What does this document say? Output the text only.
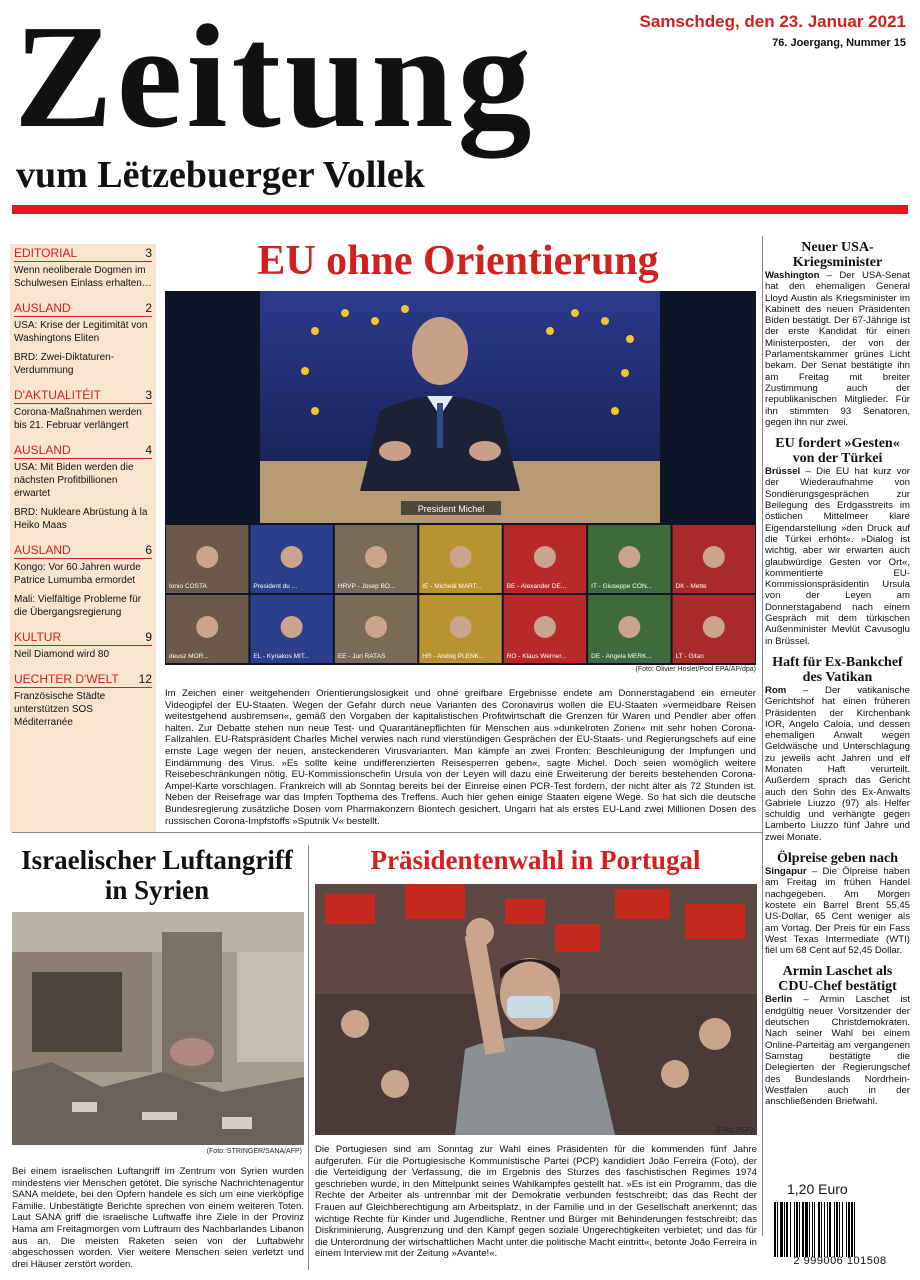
Zeitung
vum Lëtzebuerger Vollek
Samschdeg, den 23. Januar 2021
76. Joergang, Nummer 15
EDITORIAL	3
Wenn neoliberale Dogmen im Schulwesen Einlass erhalten…
AUSLAND	2
USA: Krise der Legitimität von Washingtons Eliten
BRD: Zwei-Diktaturen-Verdummung
D'AKTUALITÉIT	3
Corona-Maßnahmen werden bis 21. Februar verlängert
AUSLAND	4
USA: Mit Biden werden die nächsten Profitbillionen erwartet
BRD: Nukleare Abrüstung à la Heiko Maas
AUSLAND	6
Kongo: Vor 60 Jahren wurde Patrice Lumumba ermordet
Mali: Vielfältige Probleme für die Übergangsregierung
KULTUR	9
Neil Diamond wird 80
UECHTER D'WELT 12
Französische Städte unterstützen SOS Méditerranée
EU ohne Orientierung
President Michel
Ionio COSTA	President du ...	HRVP - Josep BO...	IE - Micheál MART...	BE - Alexander DE...	IT - Giuseppe CON...	DK - Mette
deusz MOR...	EL - Kyriakos MIT...	EE - Juri RATAS	HR - Andrej PLENK...	RO - Klaus Werner...	DE - Angela MERK...	LT - Gitan
(Foto: Olivier Hoslet/Pool EPA/AP/dpa)
Im Zeichen einer weitgehenden Orientierungslosigkeit und ohne greifbare Ergebnisse endete am Donnerstagabend ein erneuter Videogipfel der EU-Staaten. Wegen der Gefahr durch neue Varianten des Coronavirus wollen die EU-Staaten »vermeidbare Reisen weitestgehend ausbremsen«, gemäß den Vorgaben der kapitalistischen Profitwirtschaft die Grenzen für Waren und Pendler aber offen halten. Zur Debatte stehen nun neue Test- und Quarantänepflichten für Menschen aus »dunkelroten Zonen« mit sehr hohen Corona-Fallzahlen. EU-Ratspräsident Charles Michel verwies nach rund vierstündigen Gesprächen der EU-Staats- und Regierungschefs auf eine ernste Lage wegen der neuen, ansteckenderen Virusvarianten. Man kämpfe an zwei Fronten: Beschleunigung der Impfungen und Eindämmung des Virus. »Es sollte keine undifferenzierten Reisesperren geben«, sagte Michel. Doch seien womöglich weitere Reisebeschränkungen nötig. EU-Kommissionschefin Ursula von der Leyen will dazu eine Erweiterung der bereits bestehenden Corona-Ampel-Karte vorschlagen. Frankreich will ab Sonntag bereits bei der Einreise einen PCR-Test fordern, der nicht älter als 72 Stunden ist. Neben der Reisefrage war das Impfen Topthema des Treffens. Auch hier gehen einige Staaten eigene Wege. So hat sich die deutsche Bundesregierung zusätzliche Dosen vom Pharmakonzern Biontech gesichert. Ungarn hat als erstes EU-Land zwei Millionen Dosen des russischen Corona-Impfstoffs »Sputnik V« bestellt.
Neuer USA-Kriegsminister
Washington – Der USA-Senat hat den ehemaligen General Lloyd Austin als Kriegsminister im Kabinett des neuen Präsidenten Biden bestätigt. Der 67-Jährige ist der erste Kandidat für einen Ministerposten, der von der Parlamentskammer grünes Licht bekam. Der Senat bestätigte ihn am Freitag mit breiter Zustimmung auch der republikanischen Mitglieder. Für ihn stimmten 93 Senatoren, gegen ihn nur zwei.
EU fordert »Gesten« von der Türkei
Brüssel – Die EU hat kurz vor der Wiederaufnahme von Sondierungsgesprächen zur Beilegung des Erdgasstreits im östlichen Mittelmeer klare Eigendarstellung »den Druck auf die Türkei erhöht«. »Dialog ist wichtig, aber wir erwarten auch glaubwürdige Gesten vor Ort«, kommentierte EU-Kommissionspräsidentin Ursula von der Leyen am Donnerstagabend nach einem Gespräch mit dem türkischen Außenminister Mevlüt Cavusoglu in Brüssel.
Haft für Ex-Bankchef des Vatikan
Rom – Der vatikanische Gerichtshof hat einen früheren Präsidenten der Kirchenbank IOR, Angelo Caloia, und dessen ehemaligen Anwalt wegen Geldwäsche und Unterschlagung zu jeweils acht Jahren und elf Monaten Haft verurteilt. Außerdem sprach das Gericht auch den Sohn des Ex-Anwalts Gabriele Liuzzo (97) als Helfer schuldig und verhängte gegen Lamberto Liuzzo fünf Jahre und zwei Monate.
Ölpreise geben nach
Singapur – Die Ölpreise haben am Freitag im frühen Handel nachgegeben. Am Morgen kostete ein Barrel Brent 55,45 US-Dollar, 65 Cent weniger als am Vortag. Der Preis für ein Fass West Texas Intermediate (WTI) fiel um 68 Cent auf 52,45 Dollar.
Armin Laschet als CDU-Chef bestätigt
Berlin – Armin Laschet ist endgültig neuer Vorsitzender der deutschen Christdemokraten. Nach seiner Wahl bei einem Online-Parteitag am vergangenen Samstag bestätigte die Delegierten der Regierungschef des Bundeslands Nordrhein-Westfalen auch in der anschließenden Briefwahl.
Israelischer Luftangriff in Syrien
(Foto: STRINGER/SANA/AFP)
Bei einem israelischen Luftangriff im Zentrum von Syrien wurden mindestens vier Menschen getötet. Die syrische Nachrichtenagentur SANA meldete, bei den Opfern handele es sich um eine vierköpfige Familie. Unbestätigte Berichte sprechen von einem weiteren Toten. Laut SANA griff die israelische Luftwaffe ihre Ziele in der Provinz Hama am Freitagmorgen vom Luftraum des Nachbarlandes Libanon aus an. Die meisten Raketen seien von der Luftabwehr abgeschossen worden. Vier weitere Menschen seien verletzt und drei Häuser zerstört worden.
Präsidentenwahl in Portugal
(Foto: PCP)
Die Portugiesen sind am Sonntag zur Wahl eines Präsidenten für die kommenden fünf Jahre aufgerufen. Für die Portugiesische Kommunistische Partei (PCP) kandidiert João Ferreira (Foto), der die Verteidigung der Verfassung, die im Ergebnis des Sturzes des faschistischen Regimes 1974 geschrieben wurde, in den Mittelpunkt seines Wahlkampfes gestellt hat. »Es ist ein Programm, das die Rechte der Arbeiter als untrennbar mit der Demokratie verbunden festschreibt; das das Recht der Frauen auf Gleichberechtigung am Arbeitsplatz, in der Familie und in der Gesellschaft anerkennt; das wichtige Rechte für Kinder und Jugendliche, Rentner und Bürger mit Behinderungen festschreibt; das Diskriminierung, Ausgrenzung und den Kampf gegen soziale Ungerechtigkeiten verbietet; und das für die Unterordnung der wirtschaftlichen Macht unter die politische Macht eintritt«, betonte João Ferreira in einem Interview mit der Zeitung »Avante!«.
1,20 Euro
2 999006 101508
